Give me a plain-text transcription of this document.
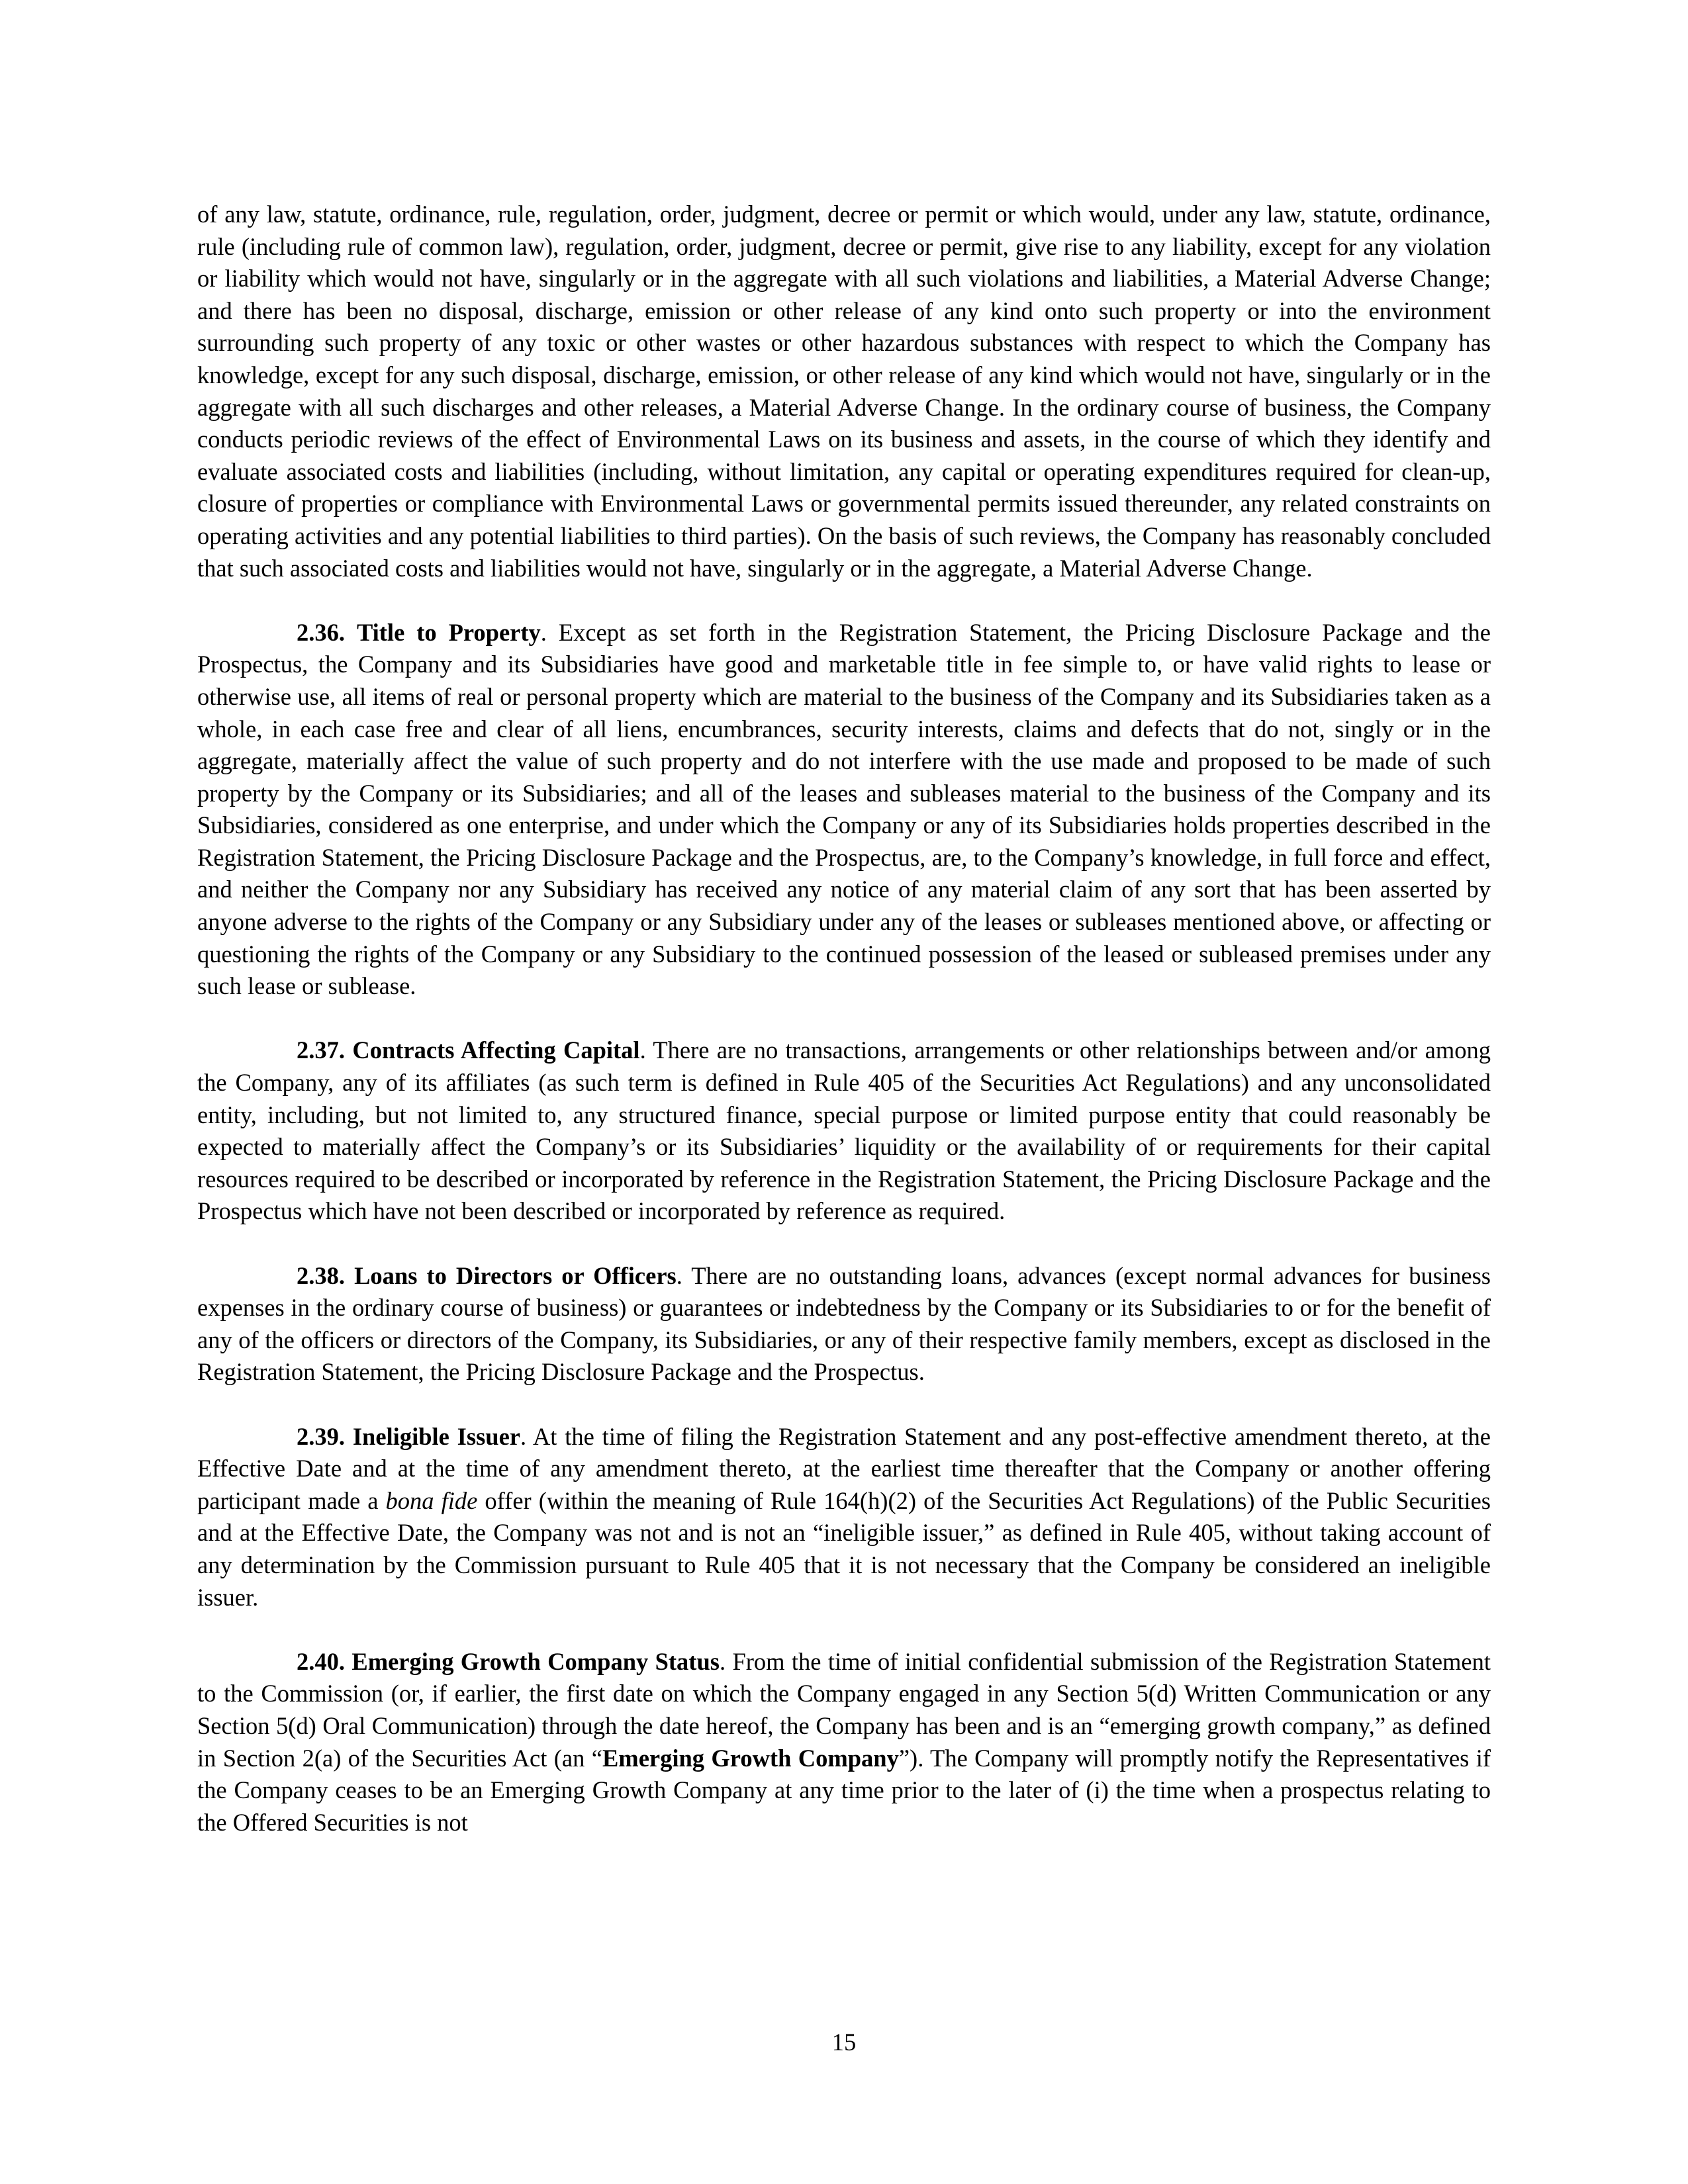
of any law, statute, ordinance, rule, regulation, order, judgment, decree or permit or which would, under any law, statute, ordinance, rule (including rule of common law), regulation, order, judgment, decree or permit, give rise to any liability, except for any violation or liability which would not have, singularly or in the aggregate with all such violations and liabilities, a Material Adverse Change; and there has been no disposal, discharge, emission or other release of any kind onto such property or into the environment surrounding such property of any toxic or other wastes or other hazardous substances with respect to which the Company has knowledge, except for any such disposal, discharge, emission, or other release of any kind which would not have, singularly or in the aggregate with all such discharges and other releases, a Material Adverse Change. In the ordinary course of business, the Company conducts periodic reviews of the effect of Environmental Laws on its business and assets, in the course of which they identify and evaluate associated costs and liabilities (including, without limitation, any capital or operating expenditures required for clean-up, closure of properties or compliance with Environmental Laws or governmental permits issued thereunder, any related constraints on operating activities and any potential liabilities to third parties). On the basis of such reviews, the Company has reasonably concluded that such associated costs and liabilities would not have, singularly or in the aggregate, a Material Adverse Change.

2.36. Title to Property. Except as set forth in the Registration Statement, the Pricing Disclosure Package and the Prospectus, the Company and its Subsidiaries have good and marketable title in fee simple to, or have valid rights to lease or otherwise use, all items of real or personal property which are material to the business of the Company and its Subsidiaries taken as a whole, in each case free and clear of all liens, encumbrances, security interests, claims and defects that do not, singly or in the aggregate, materially affect the value of such property and do not interfere with the use made and proposed to be made of such property by the Company or its Subsidiaries; and all of the leases and subleases material to the business of the Company and its Subsidiaries, considered as one enterprise, and under which the Company or any of its Subsidiaries holds properties described in the Registration Statement, the Pricing Disclosure Package and the Prospectus, are, to the Company’s knowledge, in full force and effect, and neither the Company nor any Subsidiary has received any notice of any material claim of any sort that has been asserted by anyone adverse to the rights of the Company or any Subsidiary under any of the leases or subleases mentioned above, or affecting or questioning the rights of the Company or any Subsidiary to the continued possession of the leased or subleased premises under any such lease or sublease.

2.37. Contracts Affecting Capital. There are no transactions, arrangements or other relationships between and/or among the Company, any of its affiliates (as such term is defined in Rule 405 of the Securities Act Regulations) and any unconsolidated entity, including, but not limited to, any structured finance, special purpose or limited purpose entity that could reasonably be expected to materially affect the Company’s or its Subsidiaries’ liquidity or the availability of or requirements for their capital resources required to be described or incorporated by reference in the Registration Statement, the Pricing Disclosure Package and the Prospectus which have not been described or incorporated by reference as required.

2.38. Loans to Directors or Officers. There are no outstanding loans, advances (except normal advances for business expenses in the ordinary course of business) or guarantees or indebtedness by the Company or its Subsidiaries to or for the benefit of any of the officers or directors of the Company, its Subsidiaries, or any of their respective family members, except as disclosed in the Registration Statement, the Pricing Disclosure Package and the Prospectus.

2.39. Ineligible Issuer. At the time of filing the Registration Statement and any post-effective amendment thereto, at the Effective Date and at the time of any amendment thereto, at the earliest time thereafter that the Company or another offering participant made a bona fide offer (within the meaning of Rule 164(h)(2) of the Securities Act Regulations) of the Public Securities and at the Effective Date, the Company was not and is not an “ineligible issuer,” as defined in Rule 405, without taking account of any determination by the Commission pursuant to Rule 405 that it is not necessary that the Company be considered an ineligible issuer.

2.40. Emerging Growth Company Status. From the time of initial confidential submission of the Registration Statement to the Commission (or, if earlier, the first date on which the Company engaged in any Section 5(d) Written Communication or any Section 5(d) Oral Communication) through the date hereof, the Company has been and is an “emerging growth company,” as defined in Section 2(a) of the Securities Act (an “Emerging Growth Company”). The Company will promptly notify the Representatives if the Company ceases to be an Emerging Growth Company at any time prior to the later of (i) the time when a prospectus relating to the Offered Securities is not

15
